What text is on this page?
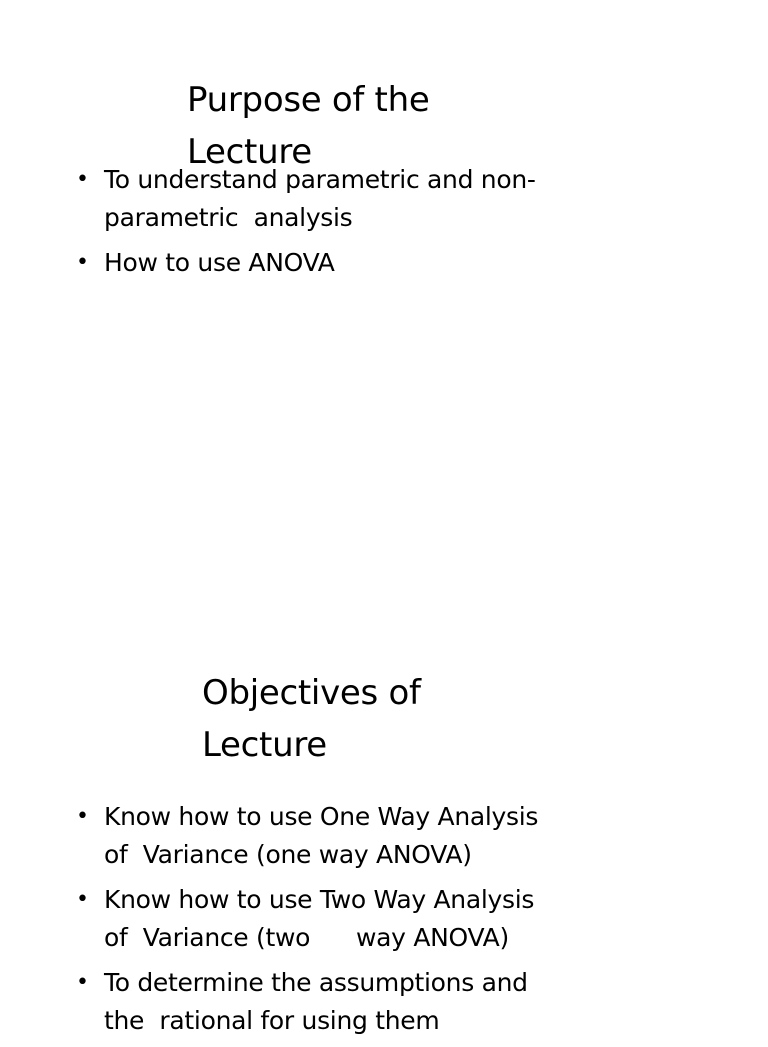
Purpose of the Lecture
• To understand parametric and non-
parametric  analysis
• How to use ANOVA
Objectives of Lecture
• Know how to use One Way Analysis
of  Variance (one way ANOVA)
• Know how to use Two Way Analysis
of  Variance (two      way ANOVA)
• To determine the assumptions and
the  rational for using them
